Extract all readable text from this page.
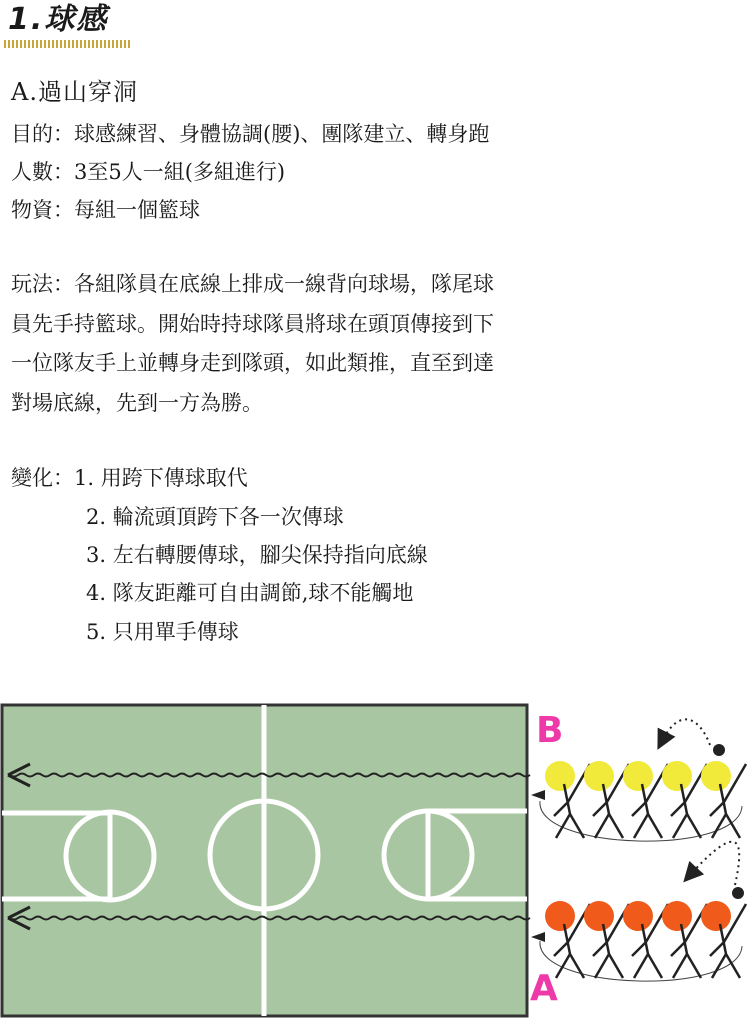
1.球感
A.過山穿洞
目的：球感練習、身體協調(腰)、團隊建立、轉身跑
人數：3至5人一組(多組進行)
物資：每組一個籃球
玩法：各組隊員在底線上排成一線背向球場，隊尾球
員先手持籃球。開始時持球隊員將球在頭頂傳接到下
一位隊友手上並轉身走到隊頭，如此類推，直至到達
對場底線，先到一方為勝。
變化： 1. 用跨下傳球取代
2. 輪流頭頂跨下各一次傳球
3. 左右轉腰傳球，腳尖保持指向底線
4. 隊友距離可自由調節,球不能觸地
5. 只用單手傳球
B
A
